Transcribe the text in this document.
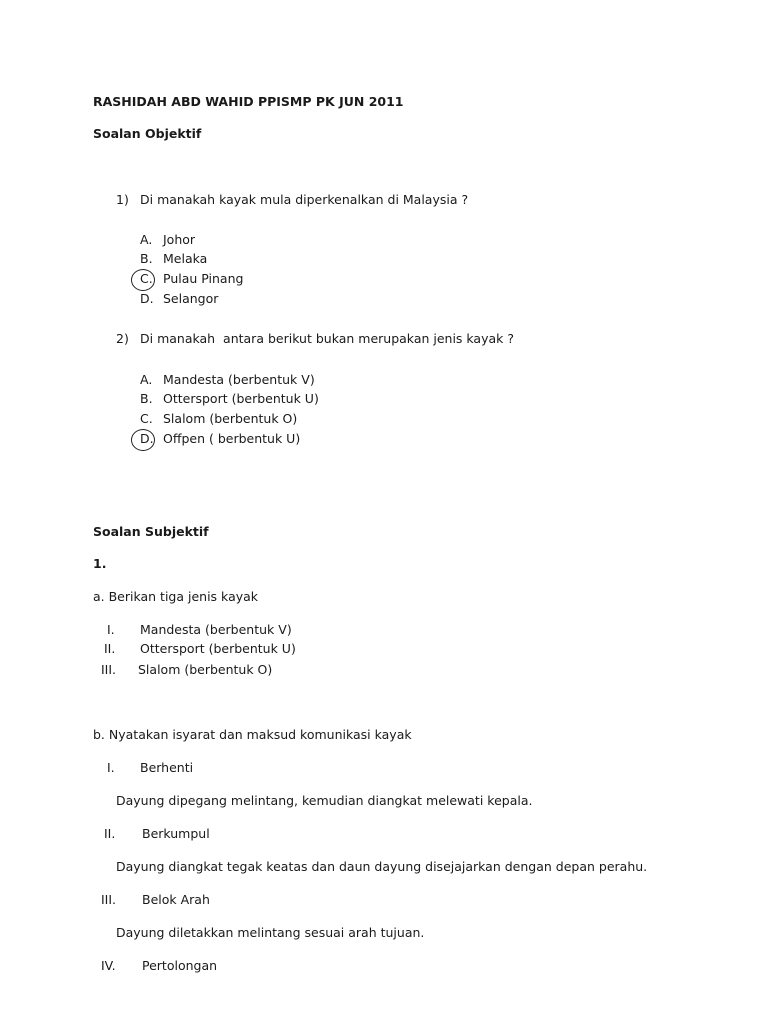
RASHIDAH ABD WAHID PPISMP PK JUN 2011
Soalan Objektif
1) Di manakah kayak mula diperkenalkan di Malaysia ?
A. Johor
B. Melaka
C. Pulau Pinang
D. Selangor
2) Di manakah  antara berikut bukan merupakan jenis kayak ?
A. Mandesta (berbentuk V)
B. Ottersport (berbentuk U)
C. Slalom (berbentuk O)
D. Offpen ( berbentuk U)
Soalan Subjektif
1.
a. Berikan tiga jenis kayak
I. Mandesta (berbentuk V)
II. Ottersport (berbentuk U)
III. Slalom (berbentuk O)
b. Nyatakan isyarat dan maksud komunikasi kayak
I. Berhenti
Dayung dipegang melintang, kemudian diangkat melewati kepala.
II. Berkumpul
Dayung diangkat tegak keatas dan daun dayung disejajarkan dengan depan perahu.
III. Belok Arah
Dayung diletakkan melintang sesuai arah tujuan.
IV. Pertolongan
